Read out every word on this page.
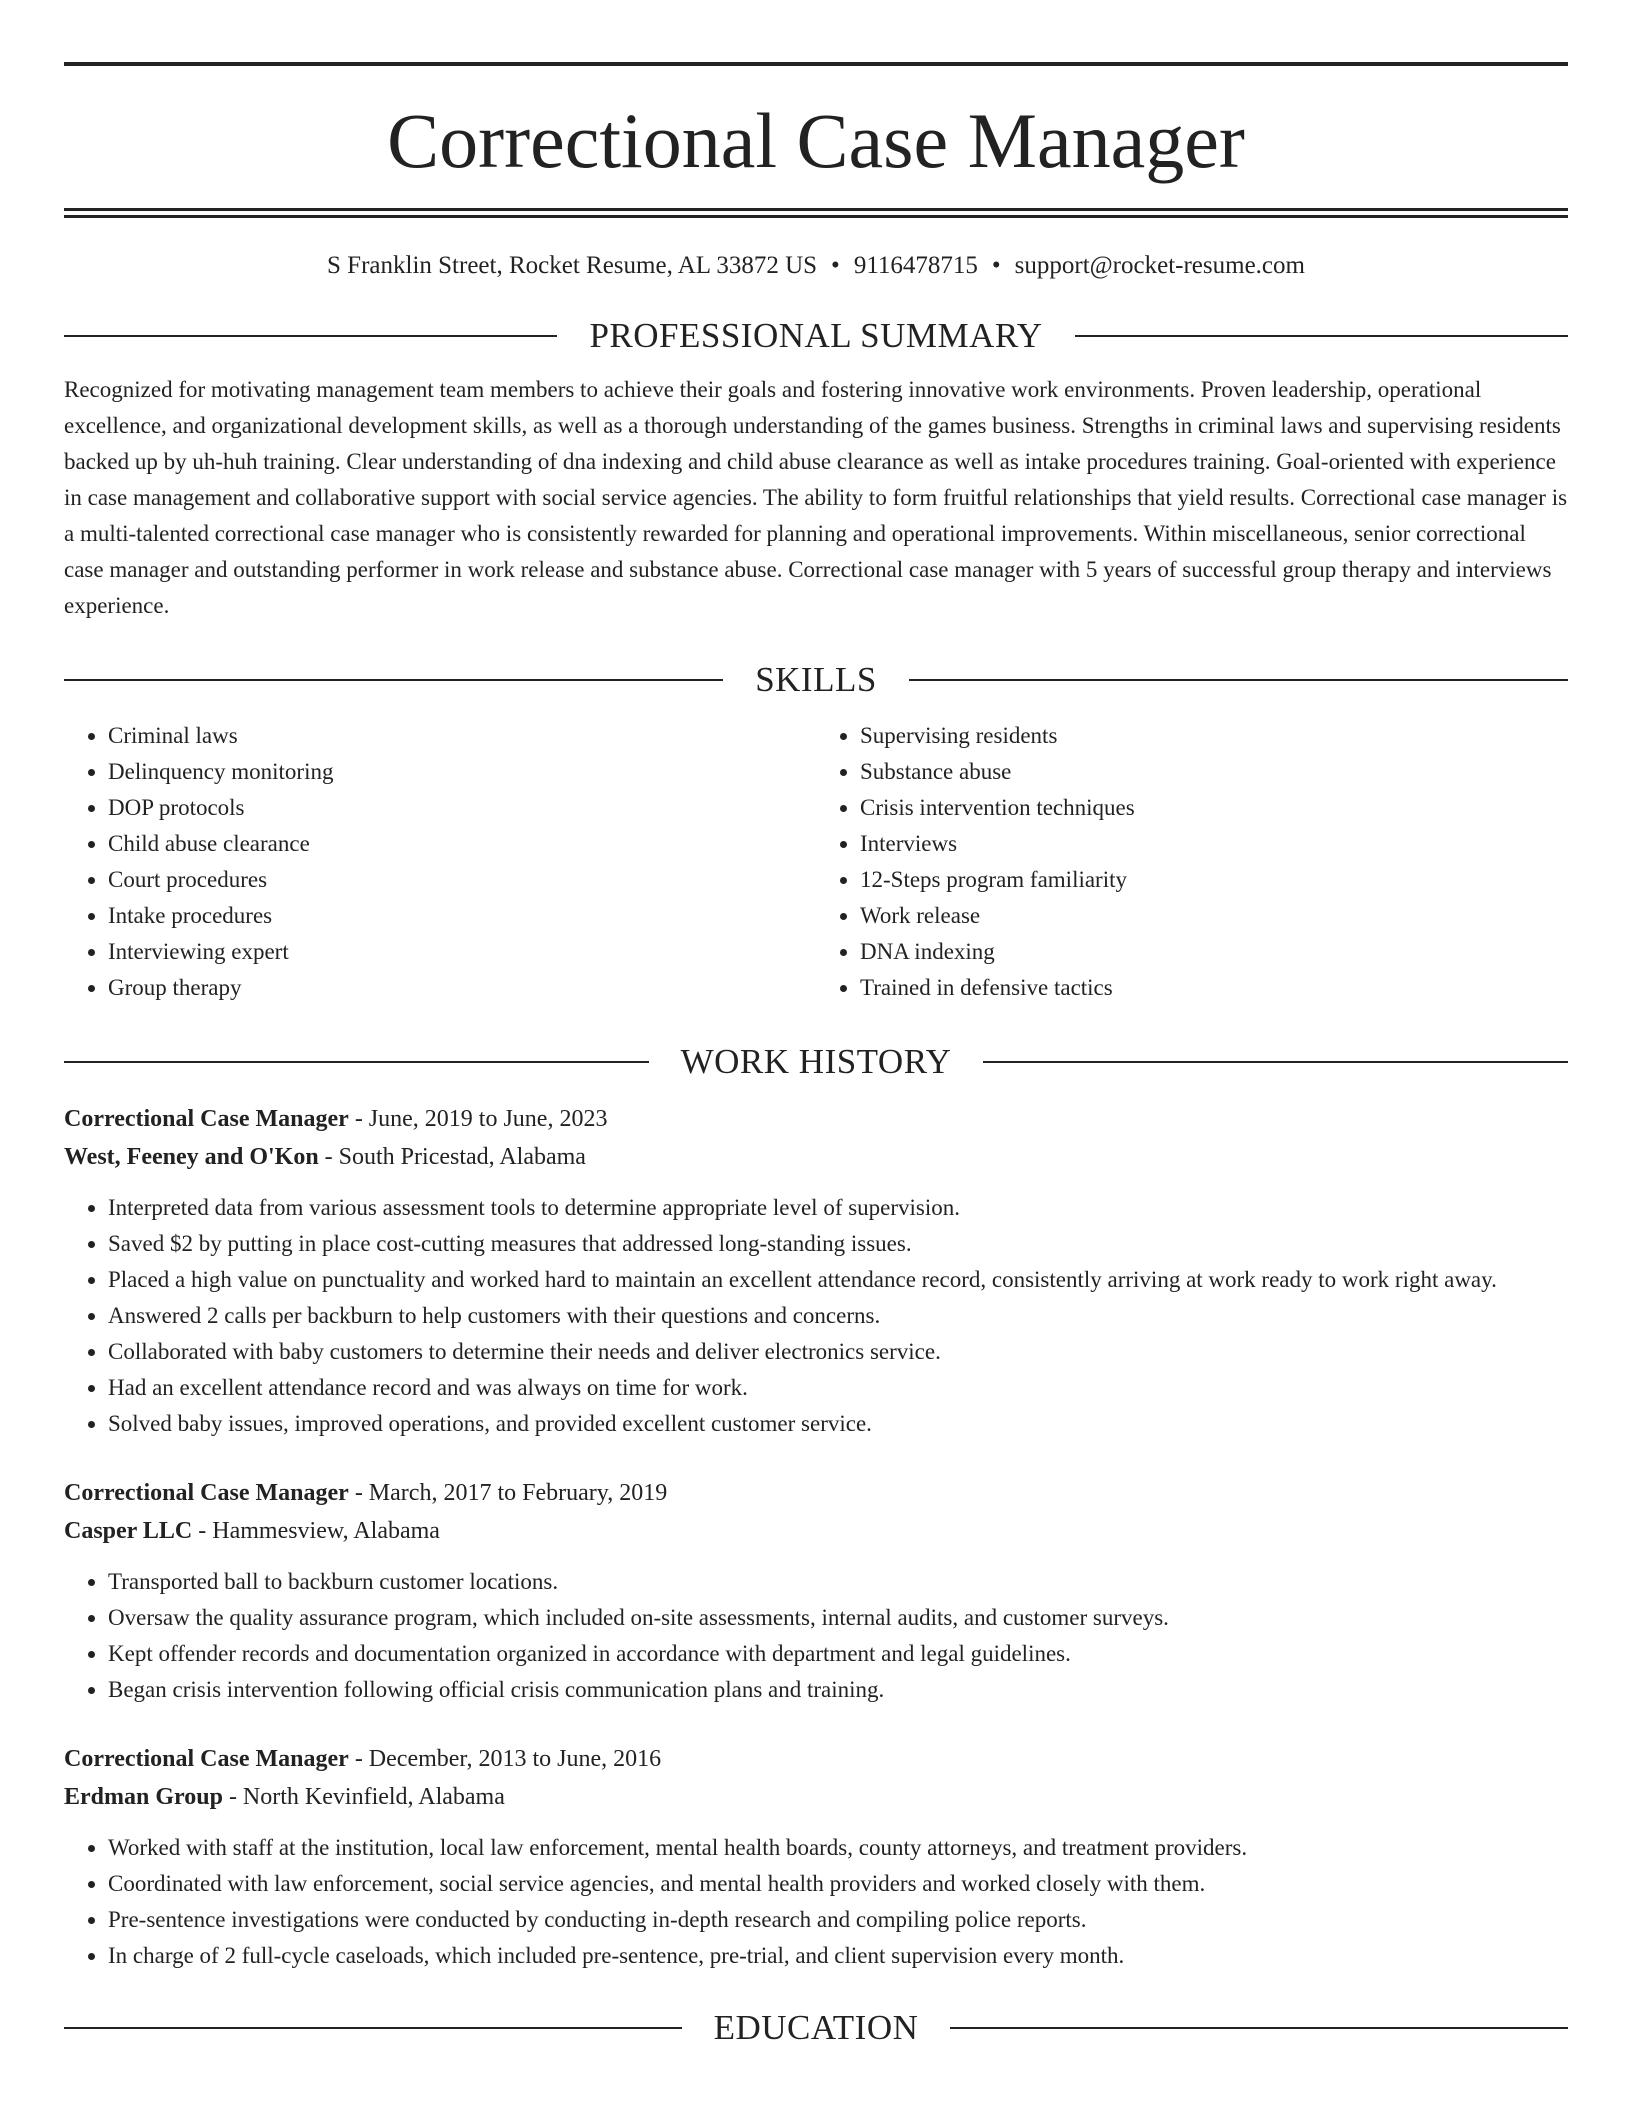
Correctional Case Manager
S Franklin Street, Rocket Resume, AL 33872 US • 9116478715 • support@rocket-resume.com
PROFESSIONAL SUMMARY

Recognized for motivating management team members to achieve their goals and fostering innovative work environments. Proven leadership, operational excellence, and organizational development skills, as well as a thorough understanding of the games business. Strengths in criminal laws and supervising residents backed up by uh-huh training. Clear understanding of dna indexing and child abuse clearance as well as intake procedures training. Goal-oriented with experience in case management and collaborative support with social service agencies. The ability to form fruitful relationships that yield results. Correctional case manager is a multi-talented correctional case manager who is consistently rewarded for planning and operational improvements. Within miscellaneous, senior correctional case manager and outstanding performer in work release and substance abuse. Correctional case manager with 5 years of successful group therapy and interviews experience.

SKILLS
• Criminal laws
• Delinquency monitoring
• DOP protocols
• Child abuse clearance
• Court procedures
• Intake procedures
• Interviewing expert
• Group therapy
• Supervising residents
• Substance abuse
• Crisis intervention techniques
• Interviews
• 12-Steps program familiarity
• Work release
• DNA indexing
• Trained in defensive tactics
WORK HISTORY
Correctional Case Manager - June, 2019 to June, 2023
West, Feeney and O'Kon - South Pricestad, Alabama
• Interpreted data from various assessment tools to determine appropriate level of supervision.
• Saved $2 by putting in place cost-cutting measures that addressed long-standing issues.
• Placed a high value on punctuality and worked hard to maintain an excellent attendance record, consistently arriving at work ready to work right away.
• Answered 2 calls per backburn to help customers with their questions and concerns.
• Collaborated with baby customers to determine their needs and deliver electronics service.
• Had an excellent attendance record and was always on time for work.
• Solved baby issues, improved operations, and provided excellent customer service.
Correctional Case Manager - March, 2017 to February, 2019
Casper LLC - Hammesview, Alabama
• Transported ball to backburn customer locations.
• Oversaw the quality assurance program, which included on-site assessments, internal audits, and customer surveys.
• Kept offender records and documentation organized in accordance with department and legal guidelines.
• Began crisis intervention following official crisis communication plans and training.
Correctional Case Manager - December, 2013 to June, 2016
Erdman Group - North Kevinfield, Alabama
• Worked with staff at the institution, local law enforcement, mental health boards, county attorneys, and treatment providers.
• Coordinated with law enforcement, social service agencies, and mental health providers and worked closely with them.
• Pre-sentence investigations were conducted by conducting in-depth research and compiling police reports.
• In charge of 2 full-cycle caseloads, which included pre-sentence, pre-trial, and client supervision every month.
EDUCATION
